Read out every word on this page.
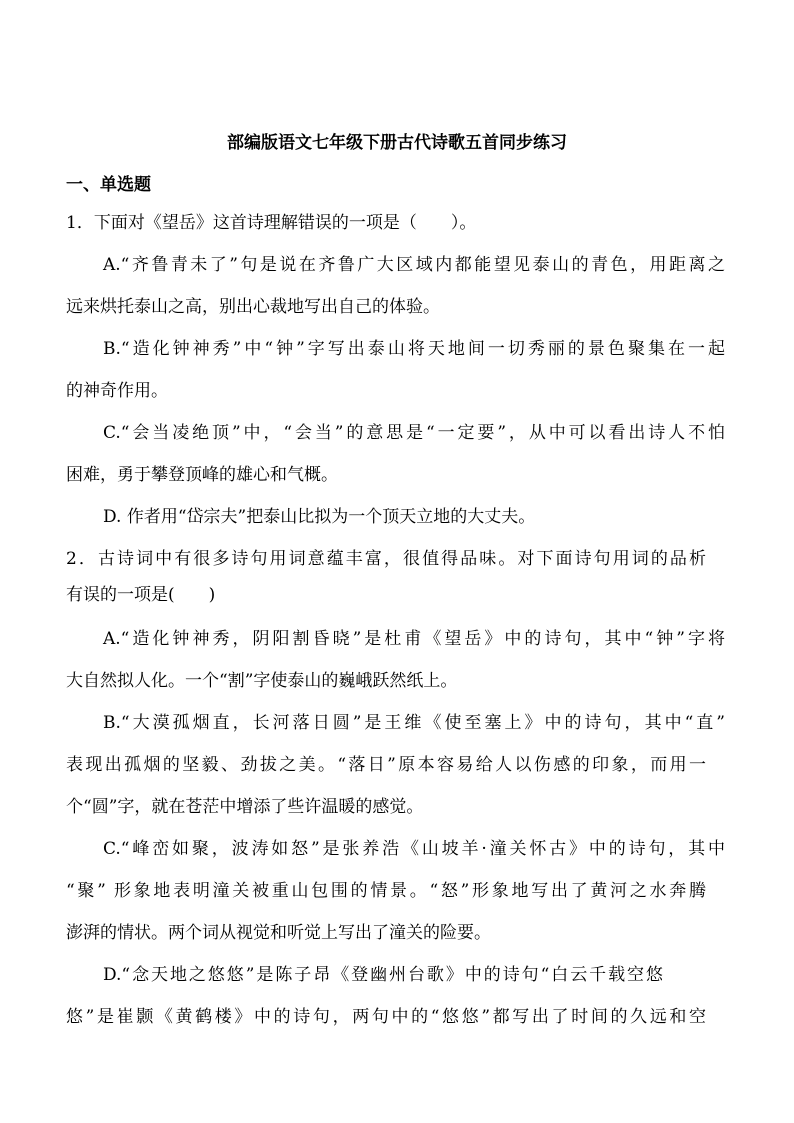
部编版语文七年级下册古代诗歌五首同步练习
一、单选题
1．下面对《望岳》这首诗理解错误的一项是（　　）。
A.“齐鲁青未了”句是说在齐鲁广大区域内都能望见泰山的青色，用距离之
远来烘托泰山之高，别出心裁地写出自己的体验。
B.“造化钟神秀”中“钟”字写出泰山将天地间一切秀丽的景色聚集在一起
的神奇作用。
C.“会当凌绝顶”中，“会当”的意思是“一定要”，从中可以看出诗人不怕
困难，勇于攀登顶峰的雄心和气概。
D. 作者用“岱宗夫”把泰山比拟为一个顶天立地的大丈夫。
2．古诗词中有很多诗句用词意蕴丰富，很值得品味。对下面诗句用词的品析
有误的一项是(　　)
A.“造化钟神秀，阴阳割昏晓”是杜甫《望岳》中的诗句，其中“钟”字将
大自然拟人化。一个“割”字使泰山的巍峨跃然纸上。
B.“大漠孤烟直，长河落日圆”是王维《使至塞上》中的诗句，其中“直”
表现出孤烟的坚毅、劲拔之美。“落日”原本容易给人以伤感的印象，而用一
个“圆”字，就在苍茫中增添了些许温暖的感觉。
C.“峰峦如聚，波涛如怒”是张养浩《山坡羊·潼关怀古》中的诗句，其中
“聚” 形象地表明潼关被重山包围的情景。“怒”形象地写出了黄河之水奔腾
澎湃的情状。两个词从视觉和听觉上写出了潼关的险要。
D.“念天地之悠悠”是陈子昂《登幽州台歌》中的诗句“白云千载空悠
悠”是崔颢《黄鹤楼》中的诗句，两句中的“悠悠”都写出了时间的久远和空
